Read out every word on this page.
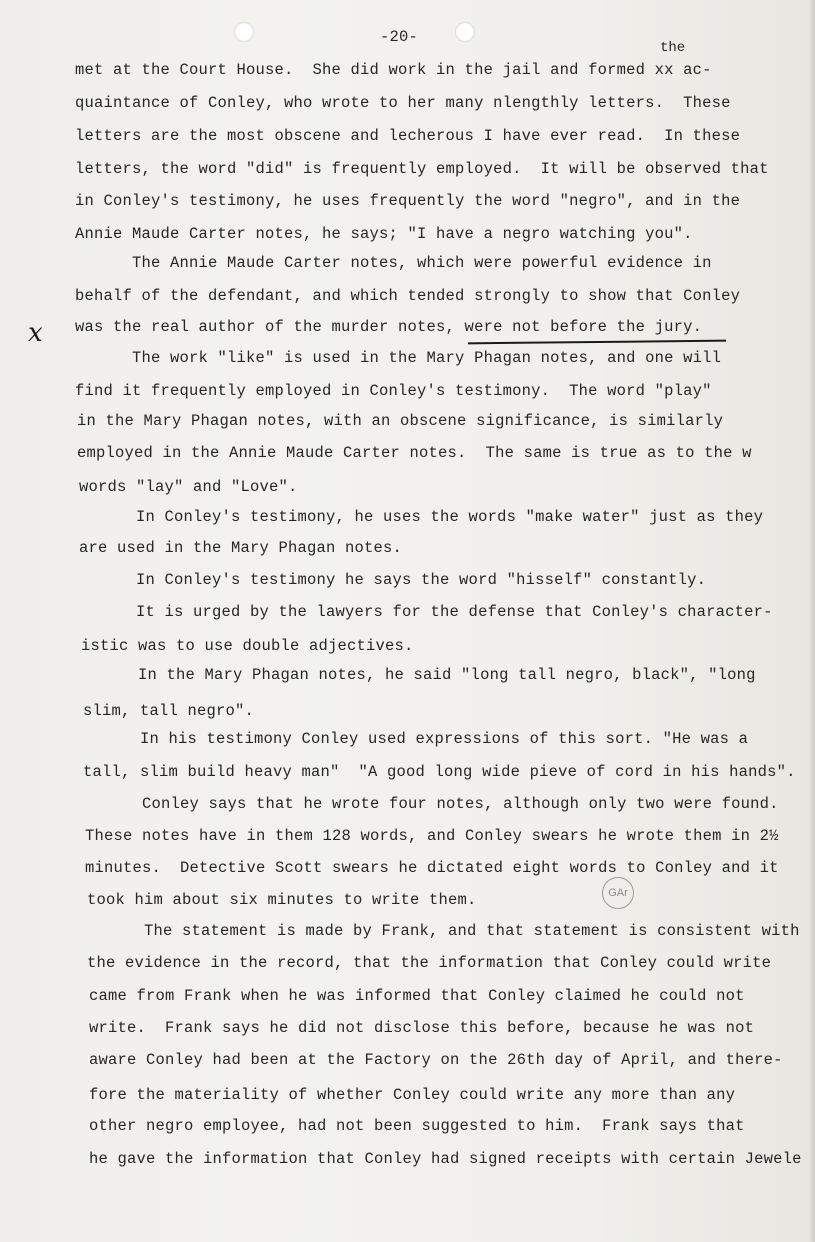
-20-
the
x
GAr
met at the Court House.  She did work in the jail and formed xx ac-
quaintance of Conley, who wrote to her many nlengthly letters.  These
letters are the most obscene and lecherous I have ever read.  In these
letters, the word "did" is frequently employed.  It will be observed that
in Conley's testimony, he uses frequently the word "negro", and in the
Annie Maude Carter notes, he says; "I have a negro watching you".
The Annie Maude Carter notes, which were powerful evidence in
behalf of the defendant, and which tended strongly to show that Conley
was the real author of the murder notes, were not before the jury.
The work "like" is used in the Mary Phagan notes, and one will
find it frequently employed in Conley's testimony.  The word "play"
in the Mary Phagan notes, with an obscene significance, is similarly
employed in the Annie Maude Carter notes.  The same is true as to the w
words "lay" and "Love".
In Conley's testimony, he uses the words "make water" just as they
are used in the Mary Phagan notes.
In Conley's testimony he says the word "hisself" constantly.
It is urged by the lawyers for the defense that Conley's character-
istic was to use double adjectives.
In the Mary Phagan notes, he said "long tall negro, black", "long
slim, tall negro".
In his testimony Conley used expressions of this sort. "He was a
tall, slim build heavy man"  "A good long wide pieve of cord in his hands".
Conley says that he wrote four notes, although only two were found.
These notes have in them 128 words, and Conley swears he wrote them in 2½
minutes.  Detective Scott swears he dictated eight words to Conley and it
took him about six minutes to write them.
The statement is made by Frank, and that statement is consistent with
the evidence in the record, that the information that Conley could write
came from Frank when he was informed that Conley claimed he could not
write.  Frank says he did not disclose this before, because he was not
aware Conley had been at the Factory on the 26th day of April, and there-
fore the materiality of whether Conley could write any more than any
other negro employee, had not been suggested to him.  Frank says that
he gave the information that Conley had signed receipts with certain Jewele
